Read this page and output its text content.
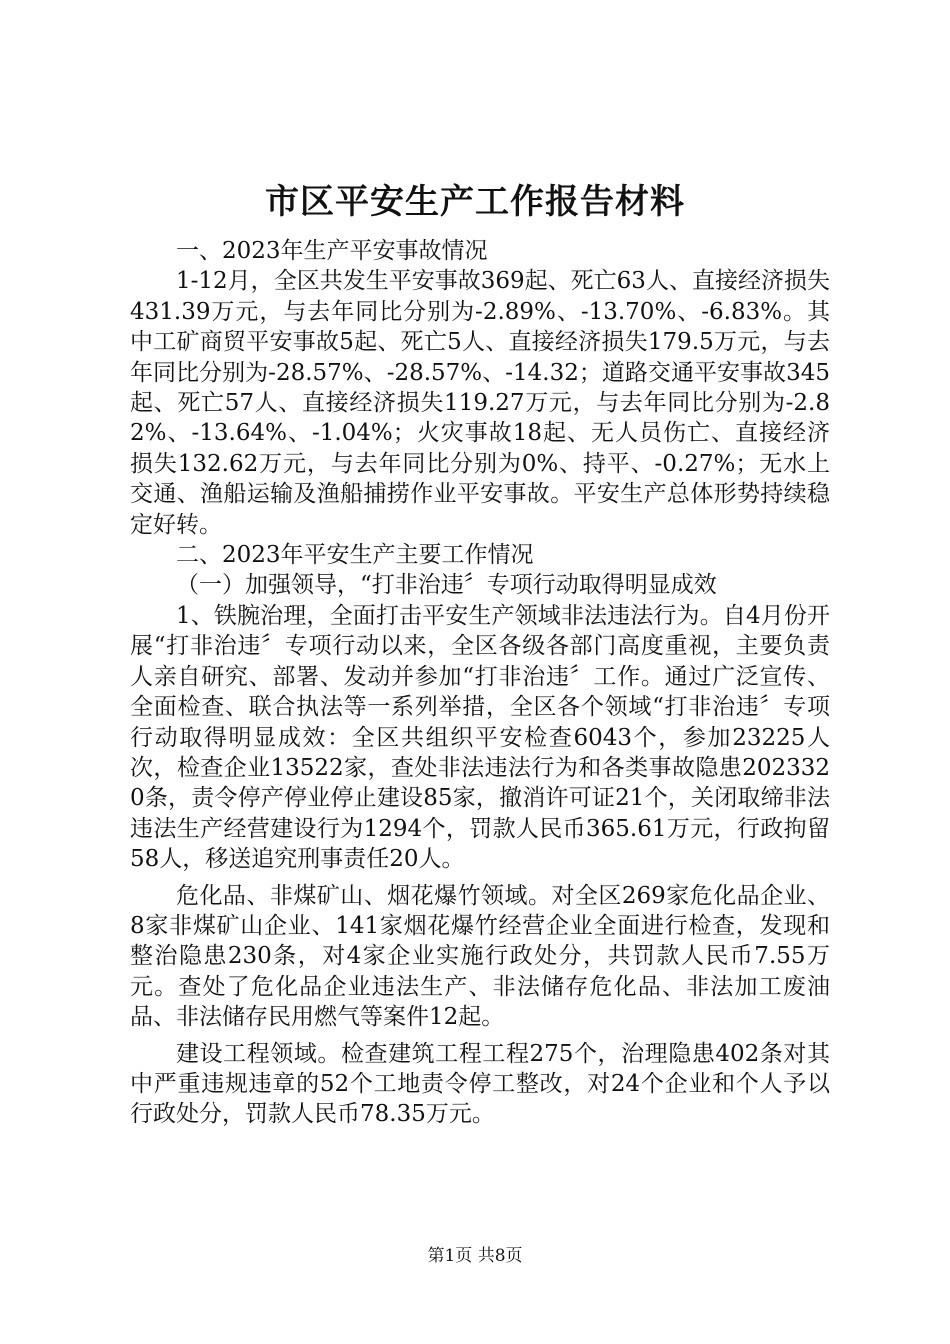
市区平安生产工作报告材料

一、2023年生产平安事故情况

1-12月，全区共发生平安事故369起、死亡63人、直接经济损失431.39万元，与去年同比分别为-2.89%、-13.70%、-6.83%。其中工矿商贸平安事故5起、死亡5人、直接经济损失179.5万元，与去年同比分别为-28.57%、-28.57%、-14.32；道路交通平安事故345起、死亡57人、直接经济损失119.27万元，与去年同比分别为-2.82%、-13.64%、-1.04%；火灾事故18起、无人员伤亡、直接经济损失132.62万元，与去年同比分别为0%、持平、-0.27%；无水上交通、渔船运输及渔船捕捞作业平安事故。平安生产总体形势持续稳定好转。

二、2023年平安生产主要工作情况

（一）加强领导，“打非治违〞专项行动取得明显成效

1、铁腕治理，全面打击平安生产领域非法违法行为。自4月份开展“打非治违〞专项行动以来，全区各级各部门高度重视，主要负责人亲自研究、部署、发动并参加“打非治违〞工作。通过广泛宣传、全面检查、联合执法等一系列举措，全区各个领域“打非治违〞专项行动取得明显成效：全区共组织平安检查6043个，参加23225人次，检查企业13522家，查处非法违法行为和各类事故隐患2023320条，责令停产停业停止建设85家，撤消许可证21个，关闭取缔非法违法生产经营建设行为1294个，罚款人民币365.61万元，行政拘留58人，移送追究刑事责任20人。

危化品、非煤矿山、烟花爆竹领域。对全区269家危化品企业、8家非煤矿山企业、141家烟花爆竹经营企业全面进行检查，发现和整治隐患230条，对4家企业实施行政处分，共罚款人民币7.55万元。查处了危化品企业违法生产、非法储存危化品、非法加工废油品、非法储存民用燃气等案件12起。

建设工程领域。检查建筑工程工程275个，治理隐患402条对其中严重违规违章的52个工地责令停工整改，对24个企业和个人予以行政处分，罚款人民币78.35万元。

第1页 共8页
